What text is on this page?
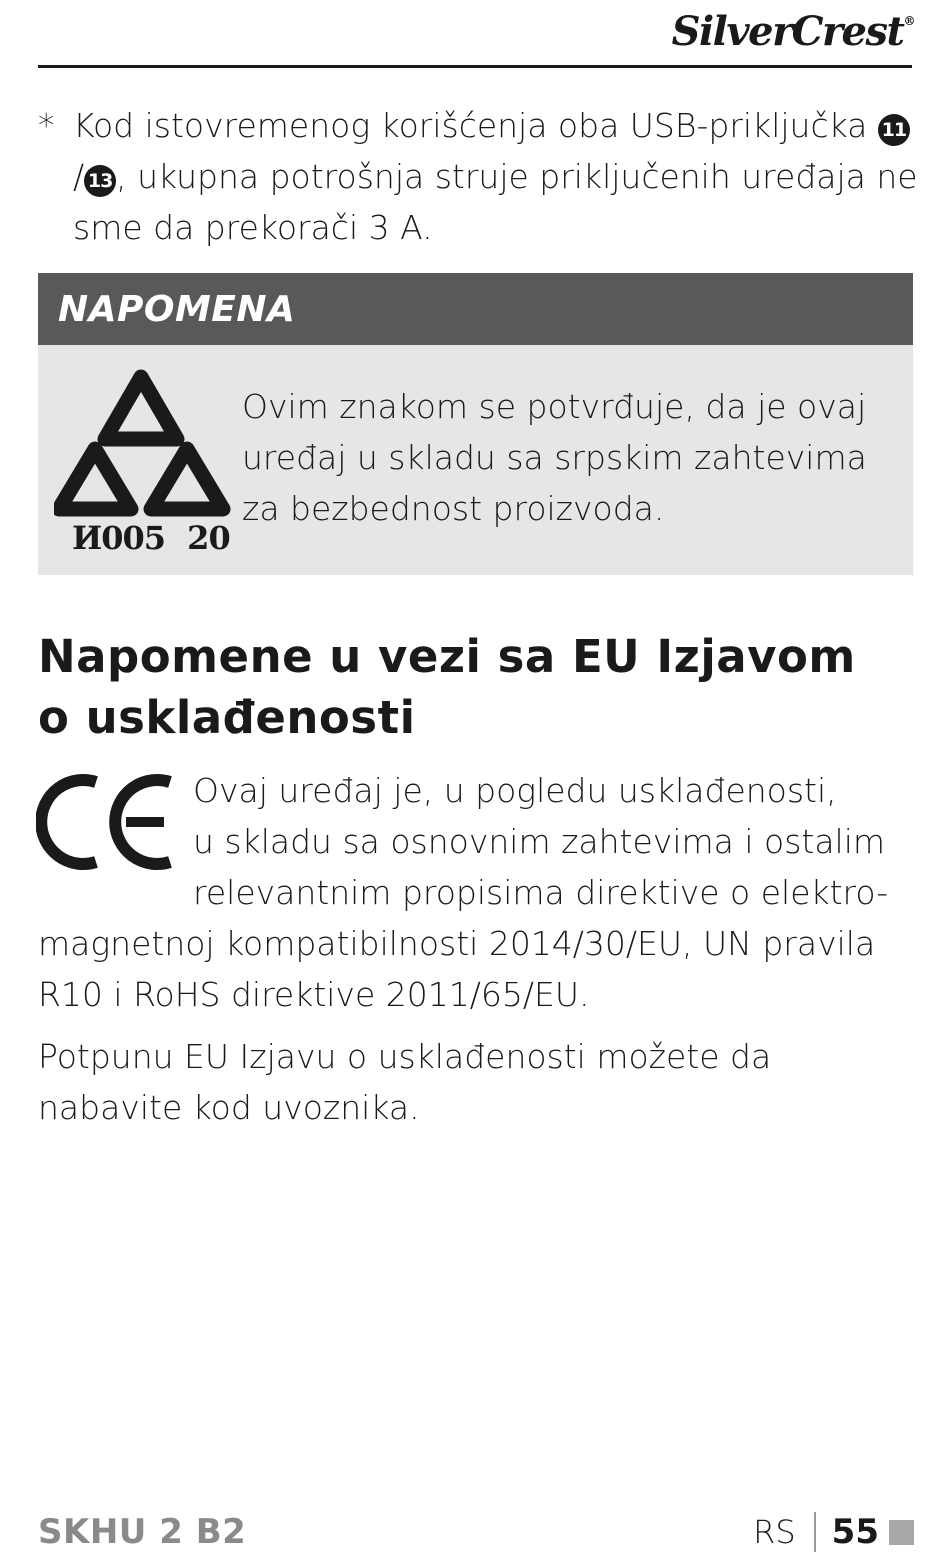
SilverCrest®
* Kod istovremenog korišćenja oba USB-priključka 11/ 13 , ukupna potrošnja struje priključenih uređaja ne sme da prekorači 3 A.
NAPOMENA
И005 20
Ovim znakom se potvrđuje, da je ovaj uređaj u skladu sa srpskim zahtevima za bezbednost proizvoda.
Napomene u vezi sa EU Izjavom
o usklađenosti
Ovaj uređaj je, u pogledu usklađenosti,
u skladu sa osnovnim zahtevima i ostalim
relevantnim propisima direktive o elektro-
magnetnoj kompatibilnosti 2014/30/EU, UN pravila
R10 i RoHS direktive 2011/65/EU.
Potpunu EU Izjavu o usklađenosti možete da nabavite kod uvoznika.
SKHU 2 B2	RS 55
